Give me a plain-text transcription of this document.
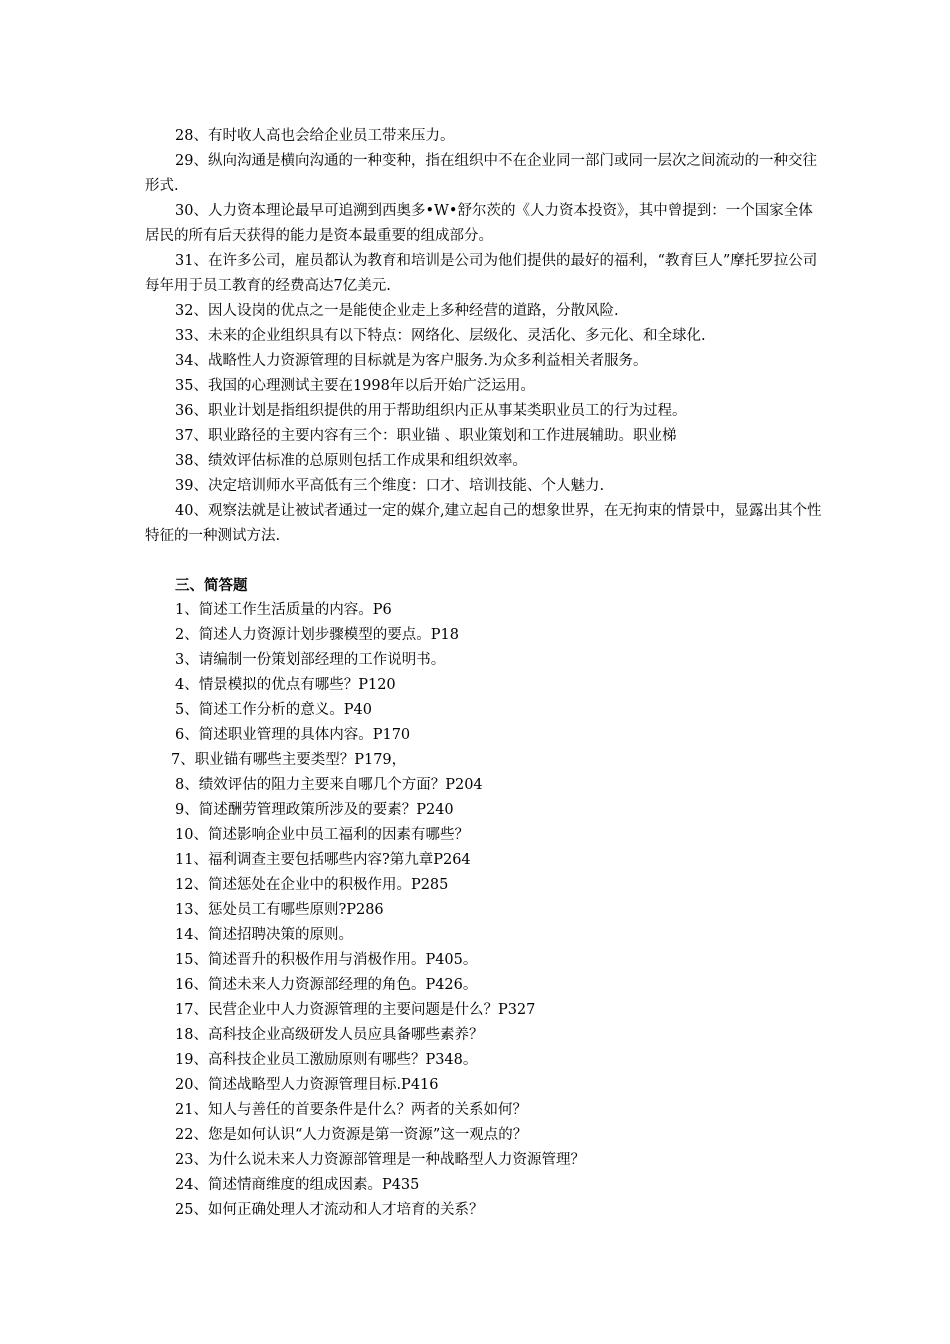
28、有时收人高也会给企业员工带来压力。

29、纵向沟通是横向沟通的一种变种，指在组织中不在企业同一部门或同一层次之间流动的一种交往形式.

30、人力资本理论最早可追溯到西奥多•W•舒尔茨的《人力资本投资》，其中曾提到：一个国家全体居民的所有后天获得的能力是资本最重要的组成部分。

31、在许多公司，雇员都认为教育和培训是公司为他们提供的最好的福利，“教育巨人”摩托罗拉公司每年用于员工教育的经费高达7亿美元.

32、因人设岗的优点之一是能使企业走上多种经营的道路，分散风险.

33、未来的企业组织具有以下特点：网络化、层级化、灵活化、多元化、和全球化.

34、战略性人力资源管理的目标就是为客户服务.为众多利益相关者服务。

35、我国的心理测试主要在1998年以后开始广泛运用。

36、职业计划是指组织提供的用于帮助组织内正从事某类职业员工的行为过程。

37、职业路径的主要内容有三个：职业锚 、职业策划和工作进展辅助。职业梯

38、绩效评估标准的总原则包括工作成果和组织效率。

39、决定培训师水平高低有三个维度：口才、培训技能、个人魅力.

40、观察法就是让被试者通过一定的媒介,建立起自己的想象世界，在无拘束的情景中，显露出其个性特征的一种测试方法.

三、简答题

1、简述工作生活质量的内容。P6

2、简述人力资源计划步骤模型的要点。P18

3、请编制一份策划部经理的工作说明书。

4、情景模拟的优点有哪些？P120

5、简述工作分析的意义。P40

6、简述职业管理的具体内容。P170

7、职业锚有哪些主要类型？P179，

8、绩效评估的阻力主要来自哪几个方面？P204

9、简述酬劳管理政策所涉及的要素？P240

10、简述影响企业中员工福利的因素有哪些？

11、福利调查主要包括哪些内容?第九章P264

12、简述惩处在企业中的积极作用。P285

13、惩处员工有哪些原则?P286

14、简述招聘决策的原则。

15、简述晋升的积极作用与消极作用。P405。

16、简述未来人力资源部经理的角色。P426。

17、民营企业中人力资源管理的主要问题是什么？P327

18、高科技企业高级研发人员应具备哪些素养？

19、高科技企业员工激励原则有哪些？P348。

20、简述战略型人力资源管理目标.P416

21、知人与善任的首要条件是什么？两者的关系如何？

22、您是如何认识“人力资源是第一资源”这一观点的？

23、为什么说未来人力资源部管理是一种战略型人力资源管理？

24、简述情商维度的组成因素。P435

25、如何正确处理人才流动和人才培育的关系？
